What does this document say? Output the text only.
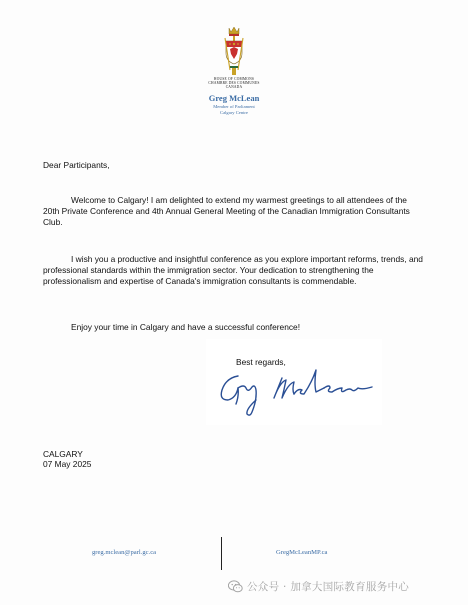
HOUSE OF COMMONS
CHAMBRE DES COMMUNES
CANADA
Greg McLean
Member of Parliament
Calgary Centre
Dear Participants,
Welcome to Calgary! I am delighted to extend my warmest greetings to all attendees of the 20th Private Conference and 4th Annual General Meeting of the Canadian Immigration Consultants Club.
I wish you a productive and insightful conference as you explore important reforms, trends, and professional standards within the immigration sector. Your dedication to strengthening the professionalism and expertise of Canada's immigration consultants is commendable.
Enjoy your time in Calgary and have a successful conference!
Best regards,
CALGARY
07 May 2025
greg.mclean@parl.gc.ca	GregMcLeanMP.ca
公众号 · 加拿大国际教育服务中心
